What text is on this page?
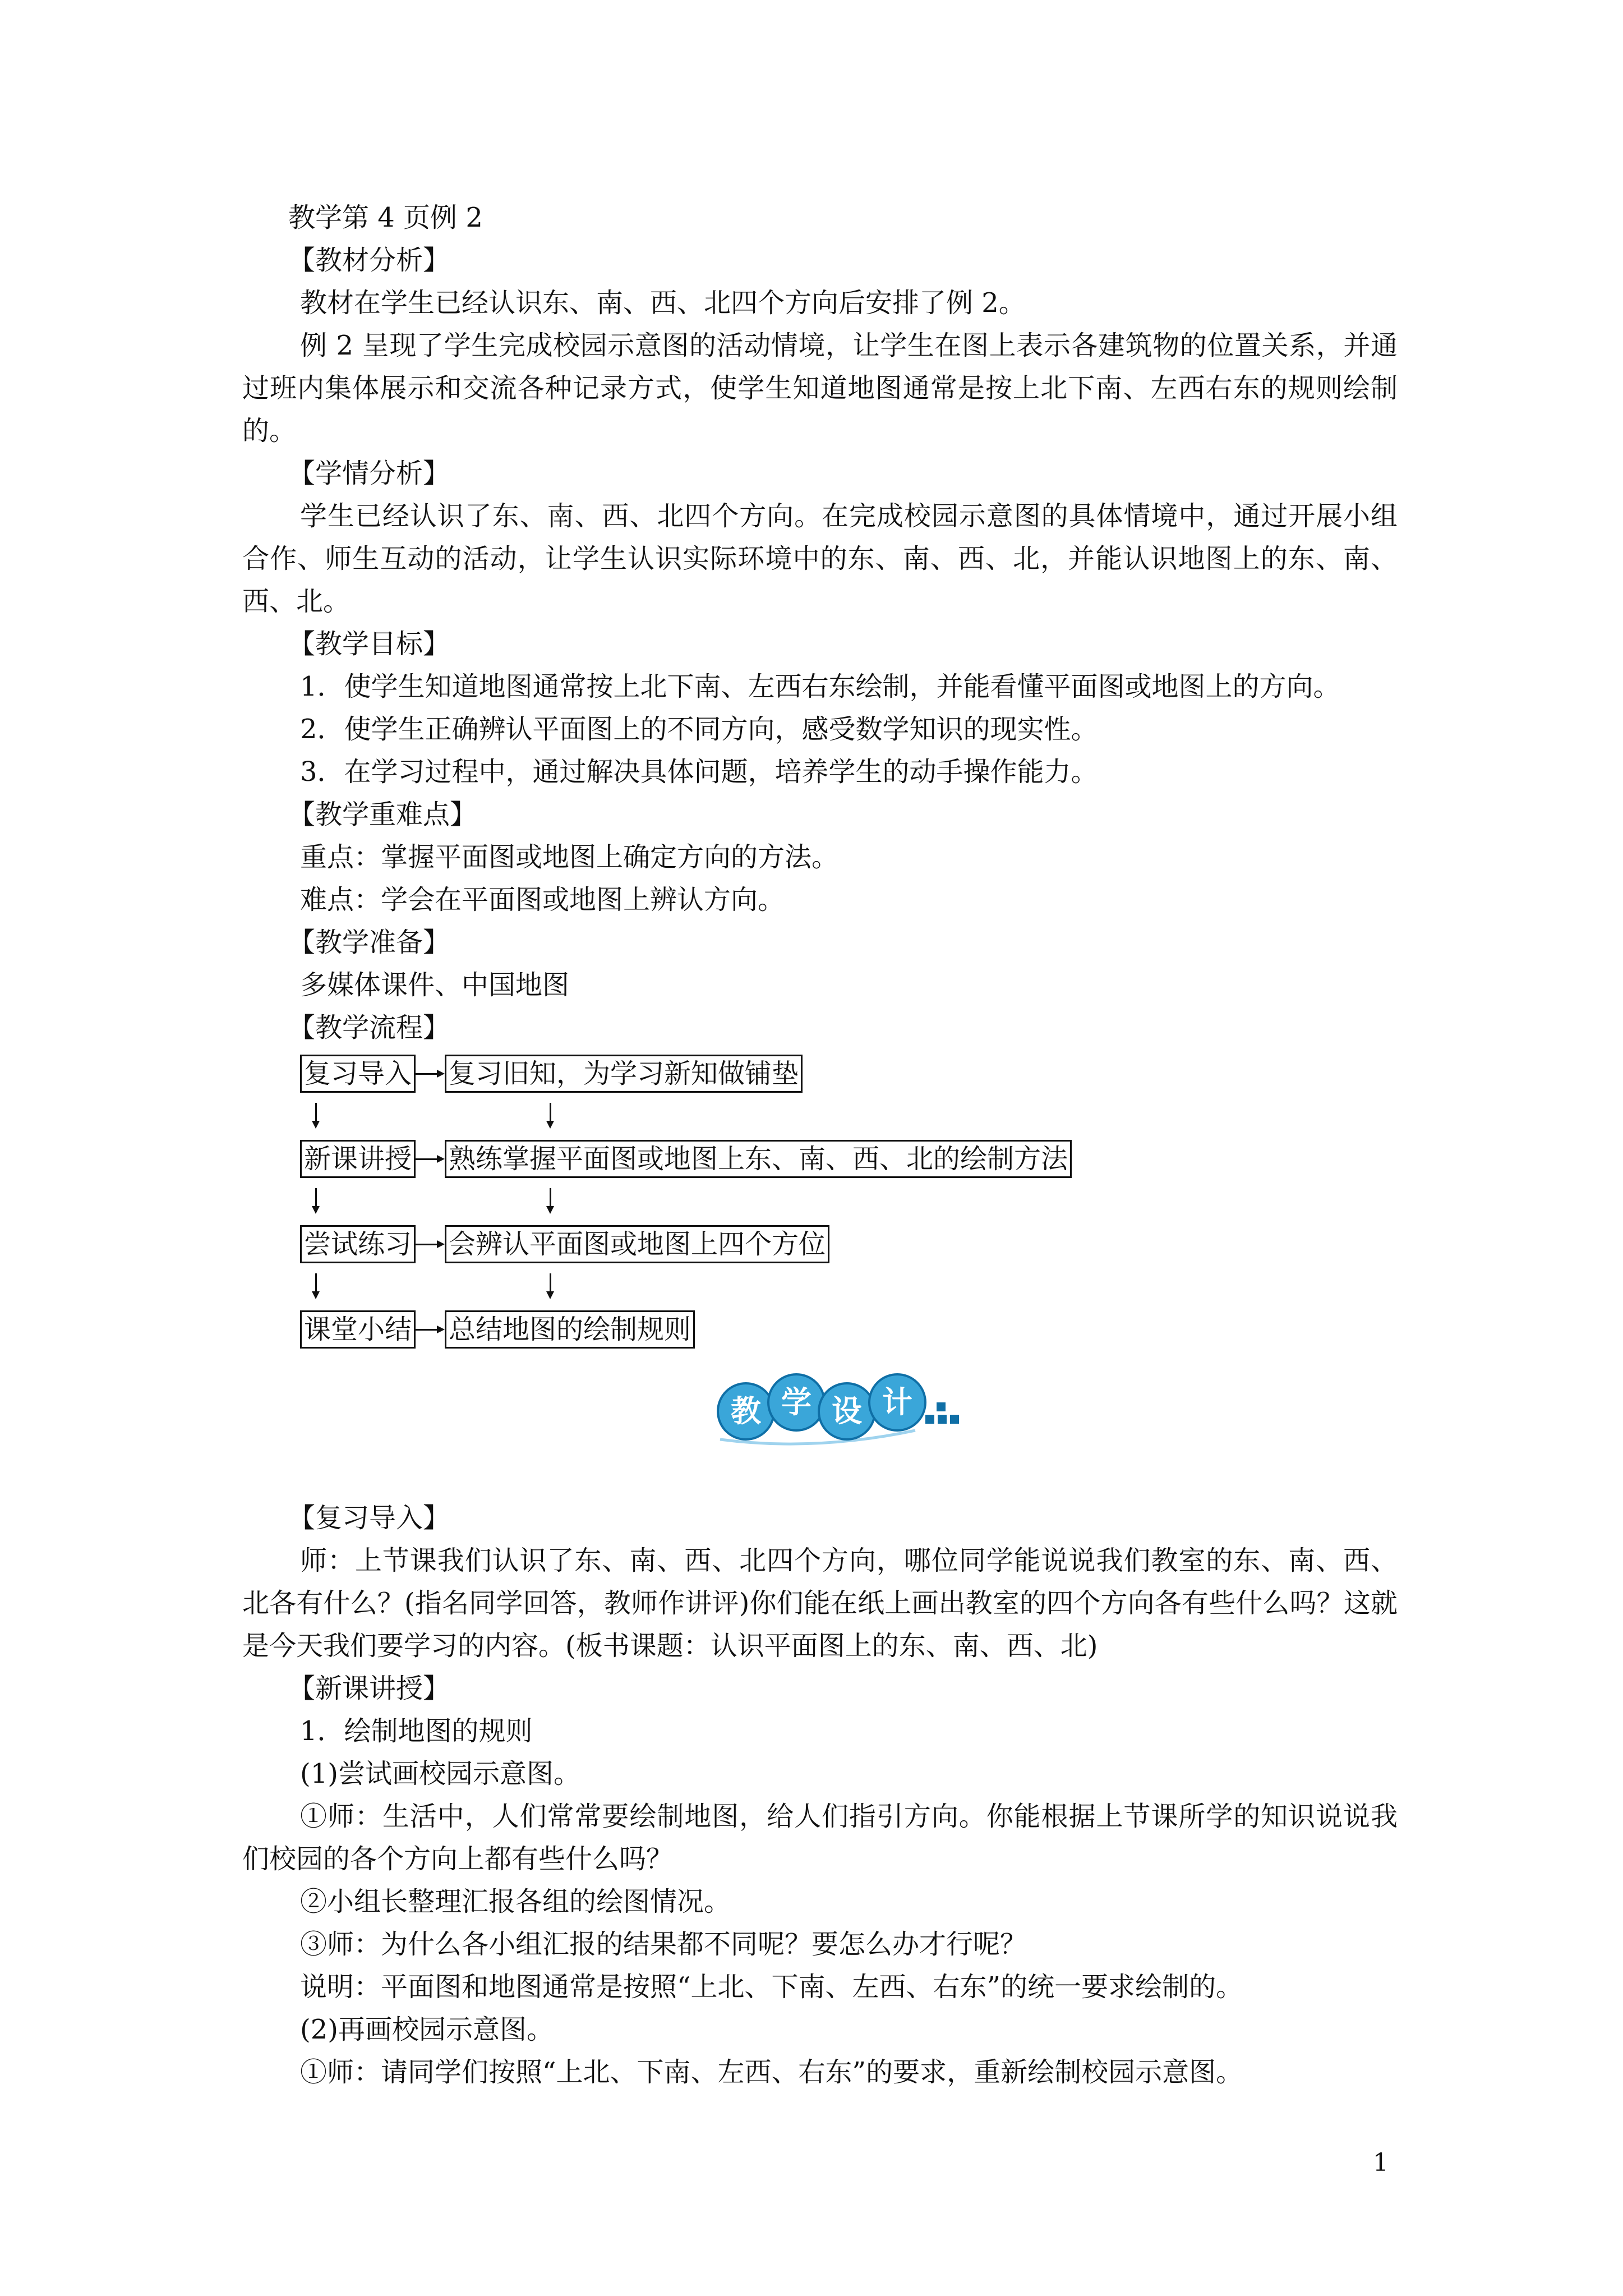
教学第 4 页例 2

【教材分析】

教材在学生已经认识东、南、西、北四个方向后安排了例 2。

例 2 呈现了学生完成校园示意图的活动情境，让学生在图上表示各建筑物的位置关系，并通过班内集体展示和交流各种记录方式，使学生知道地图通常是按上北下南、左西右东的规则绘制的。

【学情分析】

学生已经认识了东、南、西、北四个方向。在完成校园示意图的具体情境中，通过开展小组合作、师生互动的活动，让学生认识实际环境中的东、南、西、北，并能认识地图上的东、南、西、北。

【教学目标】

1．使学生知道地图通常按上北下南、左西右东绘制，并能看懂平面图或地图上的方向。

2．使学生正确辨认平面图上的不同方向，感受数学知识的现实性。

3．在学习过程中，通过解决具体问题，培养学生的动手操作能力。

【教学重难点】

重点：掌握平面图或地图上确定方向的方法。

难点：学会在平面图或地图上辨认方向。

【教学准备】

多媒体课件、中国地图

【教学流程】

复习导入 复习旧知，为学习新知做铺垫
新课讲授 熟练掌握平面图或地图上东、南、西、北的绘制方法
尝试练习 会辨认平面图或地图上四个方位
课堂小结 总结地图的绘制规则
教 学 设 计

【复习导入】

师：上节课我们认识了东、南、西、北四个方向，哪位同学能说说我们教室的东、南、西、北各有什么？(指名同学回答，教师作讲评)你们能在纸上画出教室的四个方向各有些什么吗？这就是今天我们要学习的内容。(板书课题：认识平面图上的东、南、西、北)

【新课讲授】

1．绘制地图的规则

(1)尝试画校园示意图。

①师：生活中，人们常常要绘制地图，给人们指引方向。你能根据上节课所学的知识说说我们校园的各个方向上都有些什么吗？

②小组长整理汇报各组的绘图情况。

③师：为什么各小组汇报的结果都不同呢？要怎么办才行呢？

说明：平面图和地图通常是按照“上北、下南、左西、右东”的统一要求绘制的。

(2)再画校园示意图。

①师：请同学们按照“上北、下南、左西、右东”的要求，重新绘制校园示意图。

1
